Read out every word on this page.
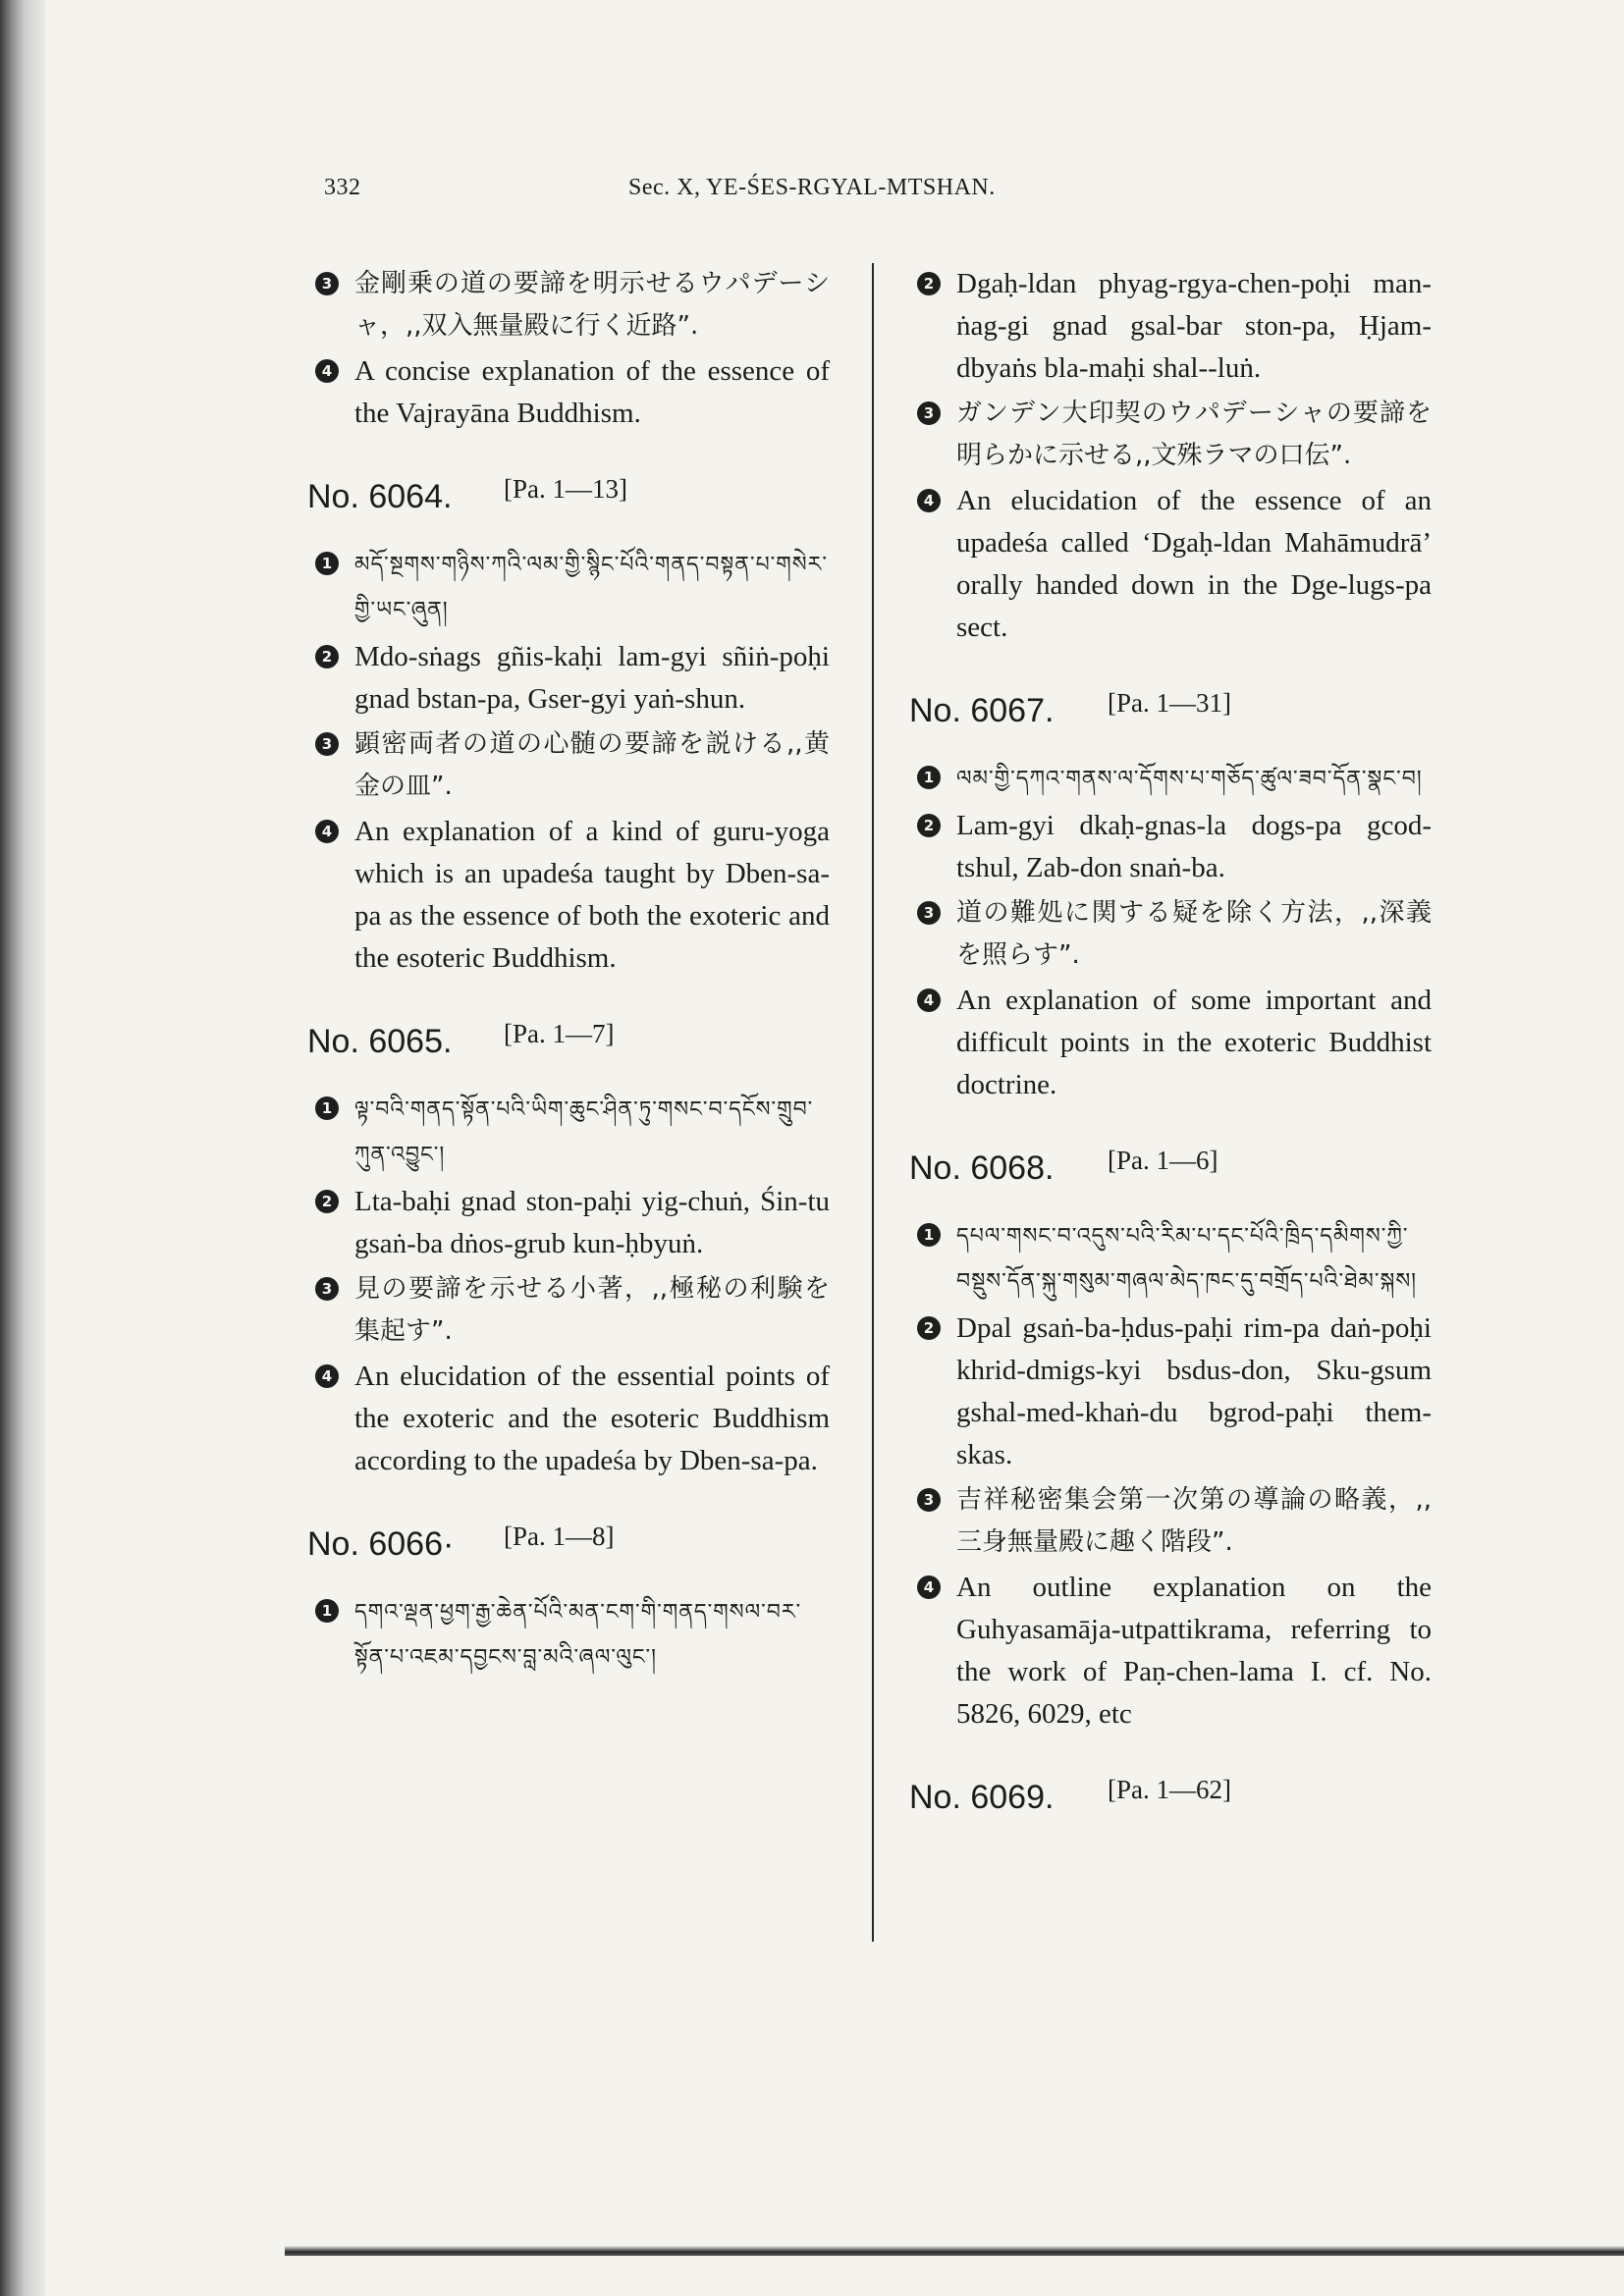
332	Sec. X, YE-ŚES-RGYAL-MTSHAN.
3 金剛乗の道の要諦を明示せるウパデーシャ，,,双入無量殿に行く近路”.
4 A concise explanation of the essence of the Vajrayāna Buddhism.
No. 6064. [Pa. 1—13]
1	མདོ་སྔགས་གཉིས་ཀའི་ལམ་གྱི་སྙིང་པོའི་གནད་བསྟན་པ་གསེར་གྱི་ཡང་ཞུན།
2 Mdo-sṅags gñis-kaḥi lam-gyi sñiṅ-poḥi gnad bstan-pa, Gser-gyi yaṅ-shun.
3 顕密両者の道の心髄の要諦を説ける,,黄金の皿”.
4 An explanation of a kind of guru-yoga which is an upadeśa taught by Dben-sa-pa as the essence of both the exoteric and the esoteric Buddhism.
No. 6065. [Pa. 1—7]
1	ལྟ་བའི་གནད་སྟོན་པའི་ཡིག་ཆུང་ཤིན་ཏུ་གསང་བ་དངོས་གྲུབ་ཀུན་འབྱུང་།
2 Lta-baḥi gnad ston-paḥi yig-chuṅ, Śin-tu gsaṅ-ba dṅos-grub kun-ḥbyuṅ.
3 見の要諦を示せる小著，,,極秘の利験を集起す”.
4 An elucidation of the essential points of the exoteric and the esoteric Buddhism according to the upadeśa by Dben-sa-pa.
No. 6066· [Pa. 1—8]
1	དགའ་ལྡན་ཕྱག་རྒྱ་ཆེན་པོའི་མན་ངག་གི་གནད་གསལ་བར་སྟོན་པ་འཇམ་དབྱངས་བླ་མའི་ཞལ་ལུང་།
2 Dgaḥ-ldan phyag-rgya-chen-poḥi man-ṅag-gi gnad gsal-bar ston-pa, Ḥjam-dbyaṅs bla-maḥi shal--luṅ.
3 ガンデン大印契のウパデーシャの要諦を明らかに示せる,,文殊ラマの口伝”.
4 An elucidation of the essence of an upadeśa called ‘Dgaḥ-ldan Mahāmudrā’ orally handed down in the Dge-lugs-pa sect.
No. 6067. [Pa. 1—31]
1	ལམ་གྱི་དཀའ་གནས་ལ་དོགས་པ་གཅོད་ཚུལ་ཟབ་དོན་སྣང་བ།
2 Lam-gyi dkaḥ-gnas-la dogs-pa gcod-tshul, Zab-don snaṅ-ba.
3 道の難処に関する疑を除く方法，,,深義を照らす”.
4 An explanation of some important and difficult points in the exoteric Buddhist doctrine.
No. 6068. [Pa. 1—6]
1	དཔལ་གསང་བ་འདུས་པའི་རིམ་པ་དང་པོའི་ཁྲིད་དམིགས་ཀྱི་བསྡུས་དོན་སྐུ་གསུམ་གཞལ་མེད་ཁང་དུ་བགྲོད་པའི་ཐེམ་སྐས།
2 Dpal gsaṅ-ba-ḥdus-paḥi rim-pa daṅ-poḥi khrid-dmigs-kyi bsdus-don, Sku-gsum gshal-med-khaṅ-du bgrod-paḥi them-skas.
3 吉祥秘密集会第一次第の導論の略義，,,三身無量殿に趣く階段”.
4 An outline explanation on the Guhyasamāja-utpattikrama, referring to the work of Paṇ-chen-lama I. cf. No. 5826, 6029, etc
No. 6069. [Pa. 1—62]
